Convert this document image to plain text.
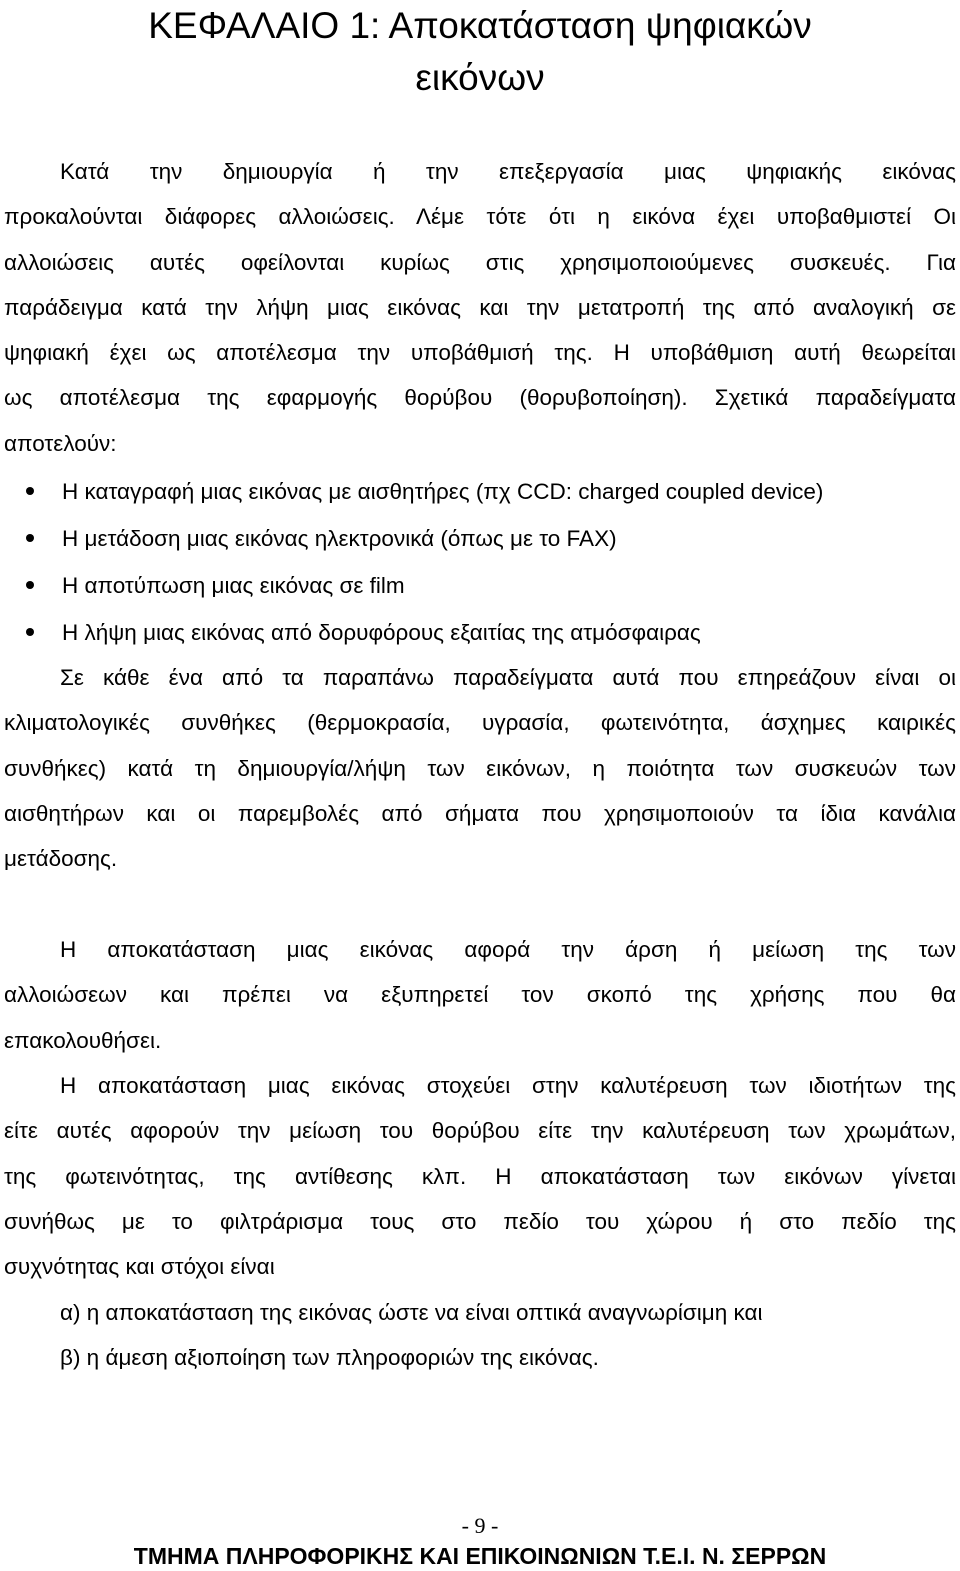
ΚΕΦΑΛΑΙΟ 1: Αποκατάσταση ψηφιακών
εικόνων
Κατά την δημιουργία ή την επεξεργασία μιας ψηφιακής εικόνας
προκαλούνται διάφορες αλλοιώσεις. Λέμε τότε ότι η εικόνα έχει υποβαθμιστεί Οι
αλλοιώσεις αυτές οφείλονται κυρίως στις χρησιμοποιούμενες συσκευές. Για
παράδειγμα κατά την λήψη μιας εικόνας και την μετατροπή της από αναλογική σε
ψηφιακή έχει ως αποτέλεσμα την υποβάθμισή της. Η υποβάθμιση αυτή θεωρείται
ως αποτέλεσμα της εφαρμογής θορύβου (θορυβοποίηση). Σχετικά παραδείγματα
αποτελούν:
Η καταγραφή μιας εικόνας με αισθητήρες (πχ CCD: charged coupled device)
Η μετάδοση μιας εικόνας ηλεκτρονικά (όπως με το FAX)
Η αποτύπωση μιας εικόνας σε film
Η λήψη μιας εικόνας από δορυφόρους εξαιτίας της ατμόσφαιρας
Σε κάθε ένα από τα παραπάνω παραδείγματα αυτά που επηρεάζουν είναι οι
κλιματολογικές συνθήκες (θερμοκρασία, υγρασία, φωτεινότητα, άσχημες καιρικές
συνθήκες) κατά τη δημιουργία/λήψη των εικόνων, η ποιότητα των συσκευών των
αισθητήρων και οι παρεμβολές από σήματα που χρησιμοποιούν τα ίδια κανάλια
μετάδοσης.
Η αποκατάσταση μιας εικόνας αφορά την άρση ή μείωση της των
αλλοιώσεων και πρέπει να εξυπηρετεί τον σκοπό της χρήσης που θα
επακολουθήσει.
Η αποκατάσταση μιας εικόνας στοχεύει στην καλυτέρευση των ιδιοτήτων της
είτε αυτές αφορούν την μείωση του θορύβου είτε την καλυτέρευση των χρωμάτων,
της φωτεινότητας, της αντίθεσης κλπ. Η αποκατάσταση των εικόνων γίνεται
συνήθως με το φιλτράρισμα τους στο πεδίο του χώρου ή στο πεδίο της
συχνότητας και στόχοι είναι
α) η αποκατάσταση της εικόνας ώστε να είναι οπτικά αναγνωρίσιμη και
β) η άμεση αξιοποίηση των πληροφοριών της εικόνας.
- 9 -
ΤΜΗΜΑ ΠΛΗΡΟΦΟΡΙΚΗΣ ΚΑΙ ΕΠΙΚΟΙΝΩΝΙΩΝ Τ.Ε.Ι. Ν. ΣΕΡΡΩΝ
